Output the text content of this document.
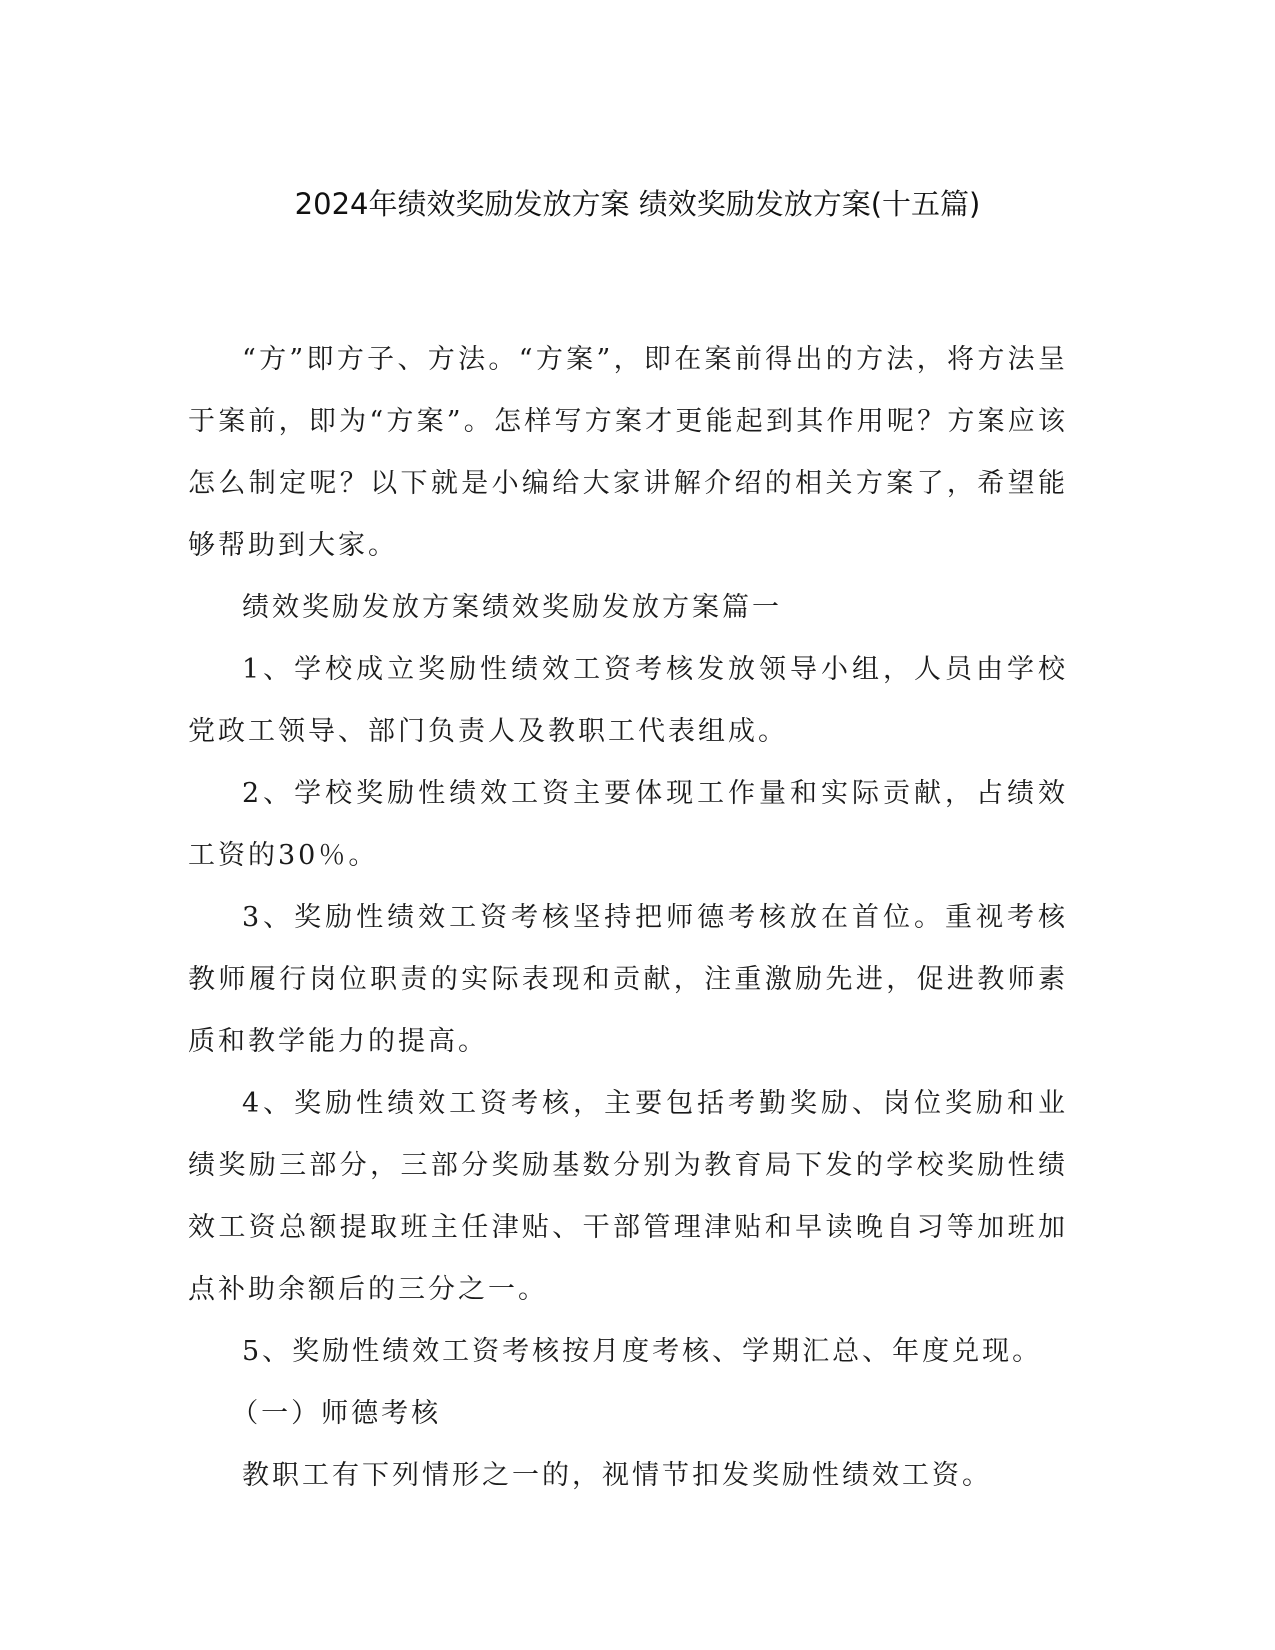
2024年绩效奖励发放方案 绩效奖励发放方案(十五篇)

“方”即方子、方法。“方案”，即在案前得出的方法，将方法呈于案前，即为“方案”。怎样写方案才更能起到其作用呢？方案应该怎么制定呢？以下就是小编给大家讲解介绍的相关方案了，希望能够帮助到大家。

绩效奖励发放方案绩效奖励发放方案篇一

1、学校成立奖励性绩效工资考核发放领导小组，人员由学校党政工领导、部门负责人及教职工代表组成。

2、学校奖励性绩效工资主要体现工作量和实际贡献，占绩效工资的30％。

3、奖励性绩效工资考核坚持把师德考核放在首位。重视考核教师履行岗位职责的实际表现和贡献，注重激励先进，促进教师素质和教学能力的提高。

4、奖励性绩效工资考核，主要包括考勤奖励、岗位奖励和业绩奖励三部分，三部分奖励基数分别为教育局下发的学校奖励性绩效工资总额提取班主任津贴、干部管理津贴和早读晚自习等加班加点补助余额后的三分之一。

5、奖励性绩效工资考核按月度考核、学期汇总、年度兑现。

（一）师德考核

教职工有下列情形之一的，视情节扣发奖励性绩效工资。
